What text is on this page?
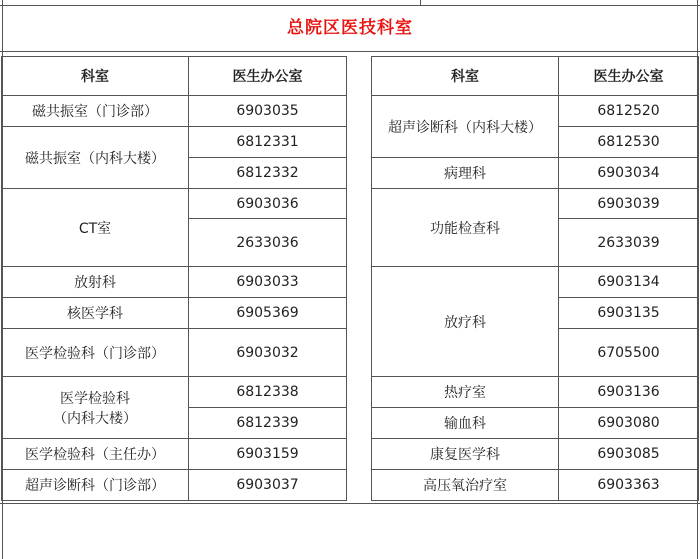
总院区医技科室
科室	医生办公室
磁共振室（门诊部）	6903035
磁共振室（内科大楼）	6812331
	6812332
CT室	6903036
	2633036
放射科	6903033
核医学科	6905369
医学检验科（门诊部）	6903032

医学检验科
（内科大楼）	6812338
	6812339
医学检验科（主任办）	6903159
超声诊断科（门诊部）	6903037
科室	医生办公室
超声诊断科（内科大楼）	6812520
	6812530
病理科	6903034
功能检查科	6903039
	2633039
放疗科	6903134
	6903135
	6705500
热疗室	6903136
输血科	6903080
康复医学科	6903085
高压氧治疗室	6903363
